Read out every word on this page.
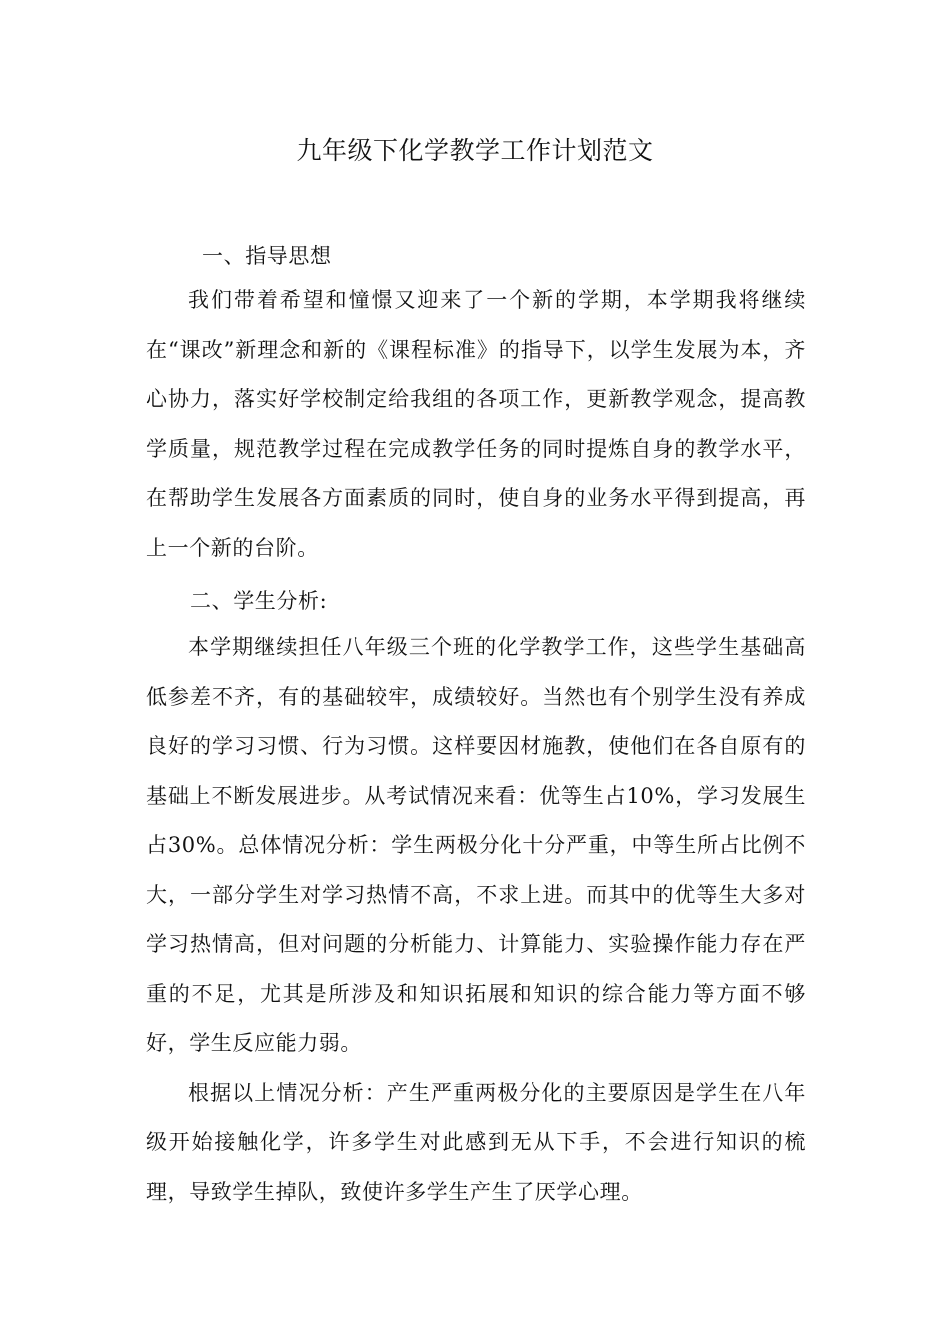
九年级下化学教学工作计划范文
一、指导思想

我们带着希望和憧憬又迎来了一个新的学期，本学期我将继续在“课改”新理念和新的《课程标准》的指导下，以学生发展为本，齐心协力，落实好学校制定给我组的各项工作，更新教学观念，提高教学质量，规范教学过程在完成教学任务的同时提炼自身的教学水平，在帮助学生发展各方面素质的同时，使自身的业务水平得到提高，再上一个新的台阶。

二、学生分析:

本学期继续担任八年级三个班的化学教学工作，这些学生基础高低参差不齐，有的基础较牢，成绩较好。当然也有个别学生没有养成良好的学习习惯、行为习惯。这样要因材施教，使他们在各自原有的基础上不断发展进步。从考试情况来看：优等生占10%，学习发展生占30%。总体情况分析：学生两极分化十分严重，中等生所占比例不大，一部分学生对学习热情不高，不求上进。而其中的优等生大多对学习热情高，但对问题的分析能力、计算能力、实验操作能力存在严重的不足，尤其是所涉及和知识拓展和知识的综合能力等方面不够好，学生反应能力弱。

根据以上情况分析：产生严重两极分化的主要原因是学生在八年级开始接触化学，许多学生对此感到无从下手，不会进行知识的梳理，导致学生掉队，致使许多学生产生了厌学心理。
